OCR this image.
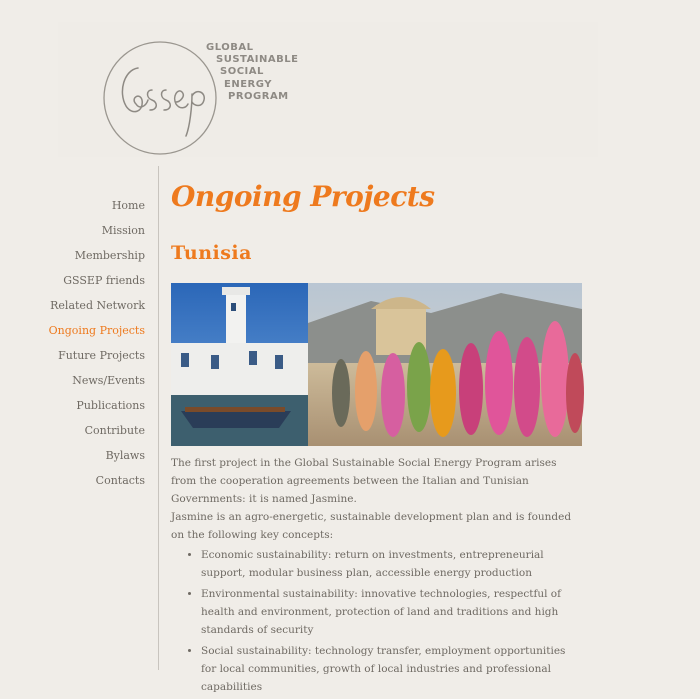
GLOBAL
SUSTAINABLE
SOCIAL
ENERGY
PROGRAM
Home
Mission
Membership
GSSEP friends
Related Network
Ongoing Projects
Future Projects
News/Events
Publications
Contribute
Bylaws
Contacts
Ongoing Projects
Tunisia

The first project in the Global Sustainable Social Energy Program arises from the cooperation agreements between the Italian and Tunisian Governments: it is named Jasmine.

Jasmine is an agro-energetic, sustainable development plan and is founded on the following key concepts:

• Economic sustainability: return on investments, entrepreneurial support, modular business plan, accessible energy production
• Environmental sustainability: innovative technologies, respectful of health and environment, protection of land and traditions and high standards of security
• Social sustainability: technology transfer, employment opportunities for local communities, growth of local industries and professional capabilities
